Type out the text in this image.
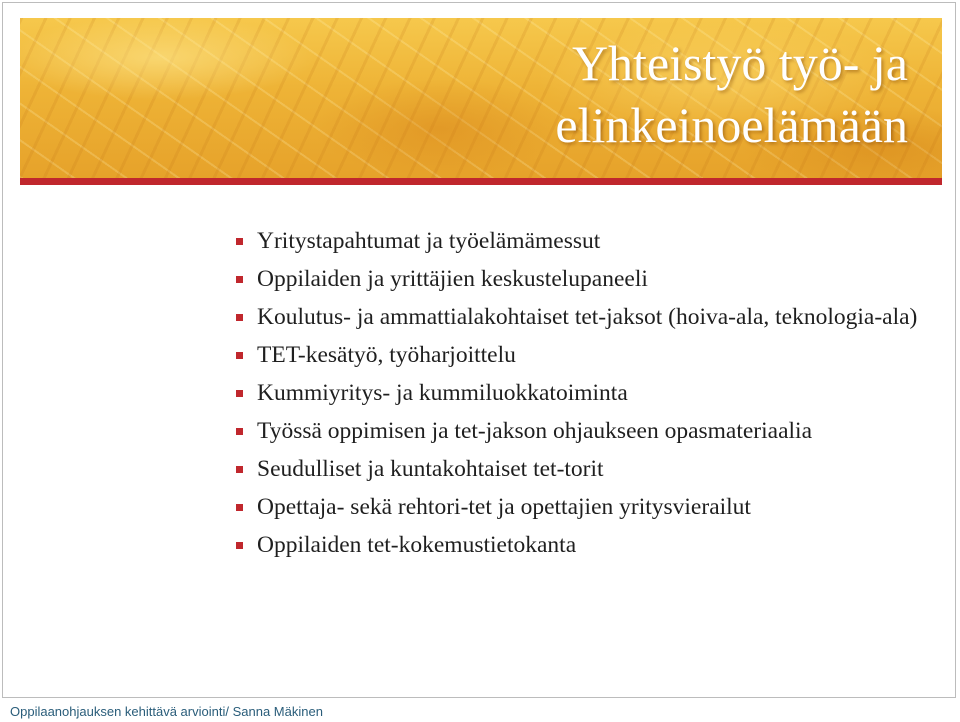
Yhteistyö työ- ja
elinkeinoelämään
Yritystapahtumat ja työelämämessut
Oppilaiden ja yrittäjien keskustelupaneeli
Koulutus- ja ammattialakohtaiset tet-jaksot (hoiva-ala, teknologia-ala)
TET-kesätyö, työharjoittelu
Kummiyritys- ja kummiluokkatoiminta
Työssä oppimisen ja tet-jakson ohjaukseen opasmateriaalia
Seudulliset ja kuntakohtaiset tet-torit
Opettaja- sekä rehtori-tet ja opettajien yritysvierailut
Oppilaiden tet-kokemustietokanta
Oppilaanohjauksen kehittävä arviointi/ Sanna Mäkinen
